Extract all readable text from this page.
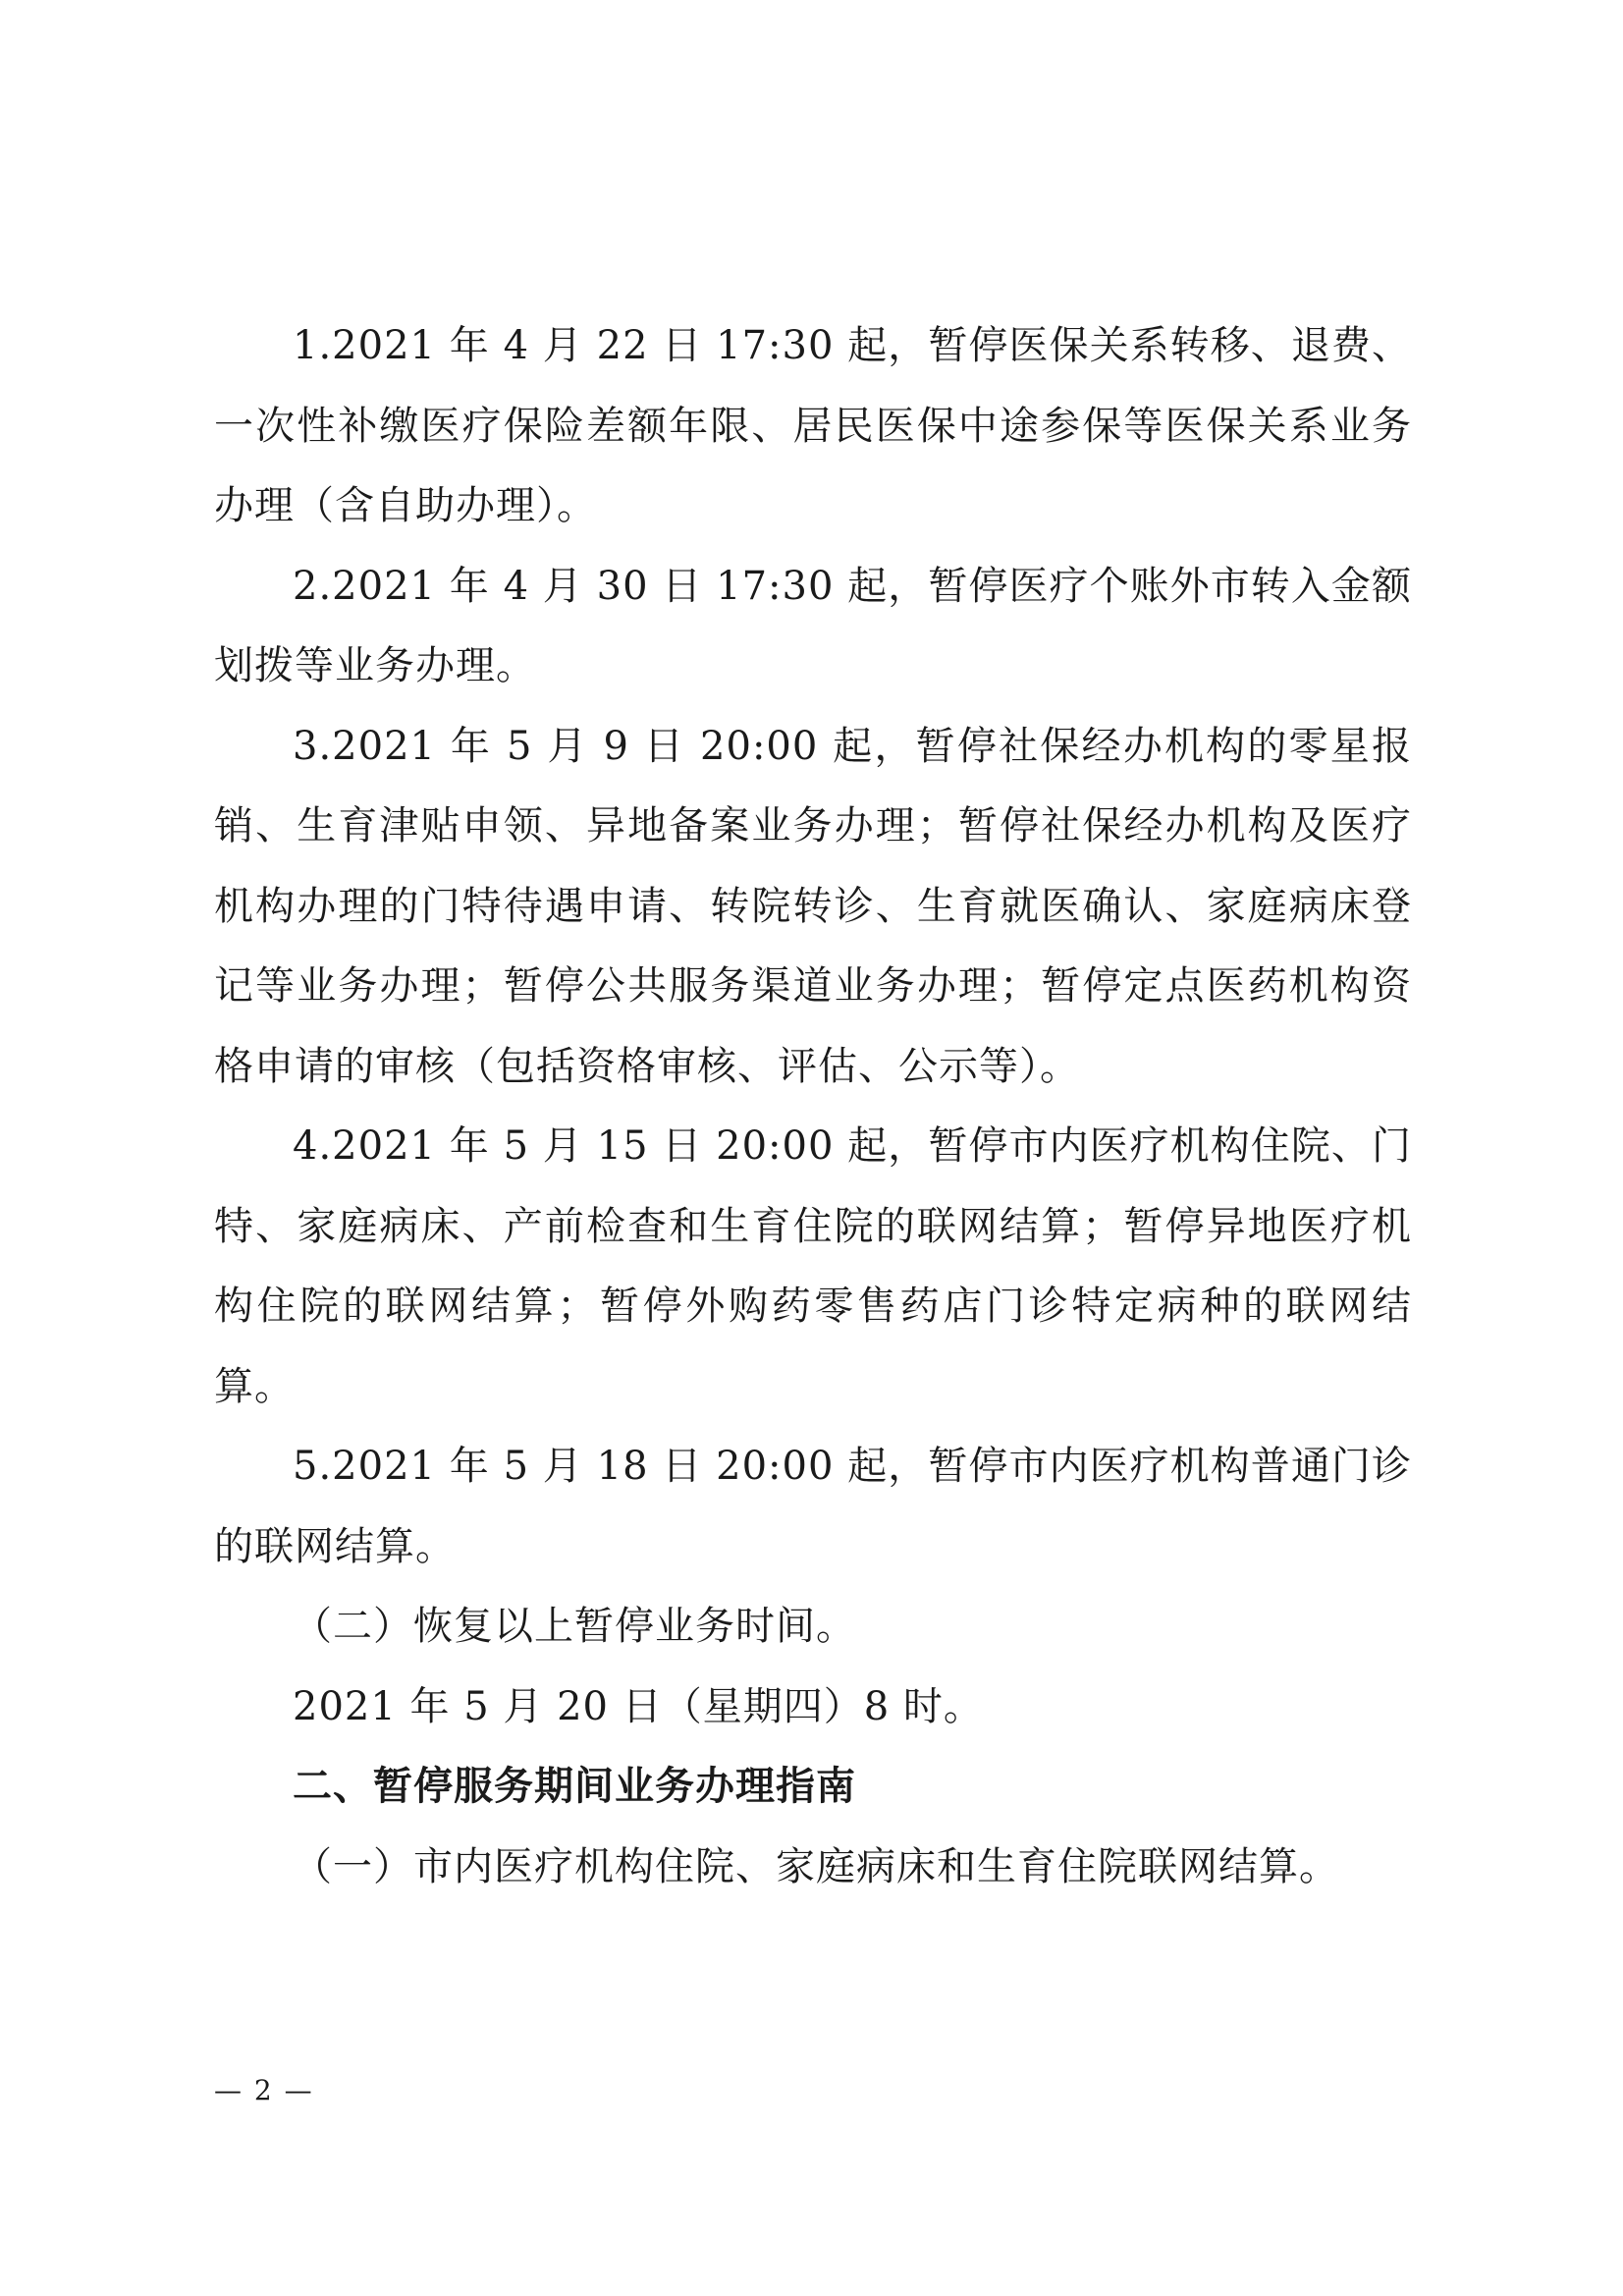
1.2021 年 4 月 22 日 17:30 起，暂停医保关系转移、退费、一次性补缴医疗保险差额年限、居民医保中途参保等医保关系业务办理（含自助办理）。

2.2021 年 4 月 30 日 17:30 起，暂停医疗个账外市转入金额划拨等业务办理。

3.2021 年 5 月 9 日 20:00 起，暂停社保经办机构的零星报销、生育津贴申领、异地备案业务办理；暂停社保经办机构及医疗机构办理的门特待遇申请、转院转诊、生育就医确认、家庭病床登记等业务办理；暂停公共服务渠道业务办理；暂停定点医药机构资格申请的审核（包括资格审核、评估、公示等）。

4.2021 年 5 月 15 日 20:00 起，暂停市内医疗机构住院、门特、家庭病床、产前检查和生育住院的联网结算；暂停异地医疗机构住院的联网结算；暂停外购药零售药店门诊特定病种的联网结算。

5.2021 年 5 月 18 日 20:00 起，暂停市内医疗机构普通门诊的联网结算。

（二）恢复以上暂停业务时间。

2021 年 5 月 20 日（星期四）8 时。

二、暂停服务期间业务办理指南

（一）市内医疗机构住院、家庭病床和生育住院联网结算。

— 2 —
